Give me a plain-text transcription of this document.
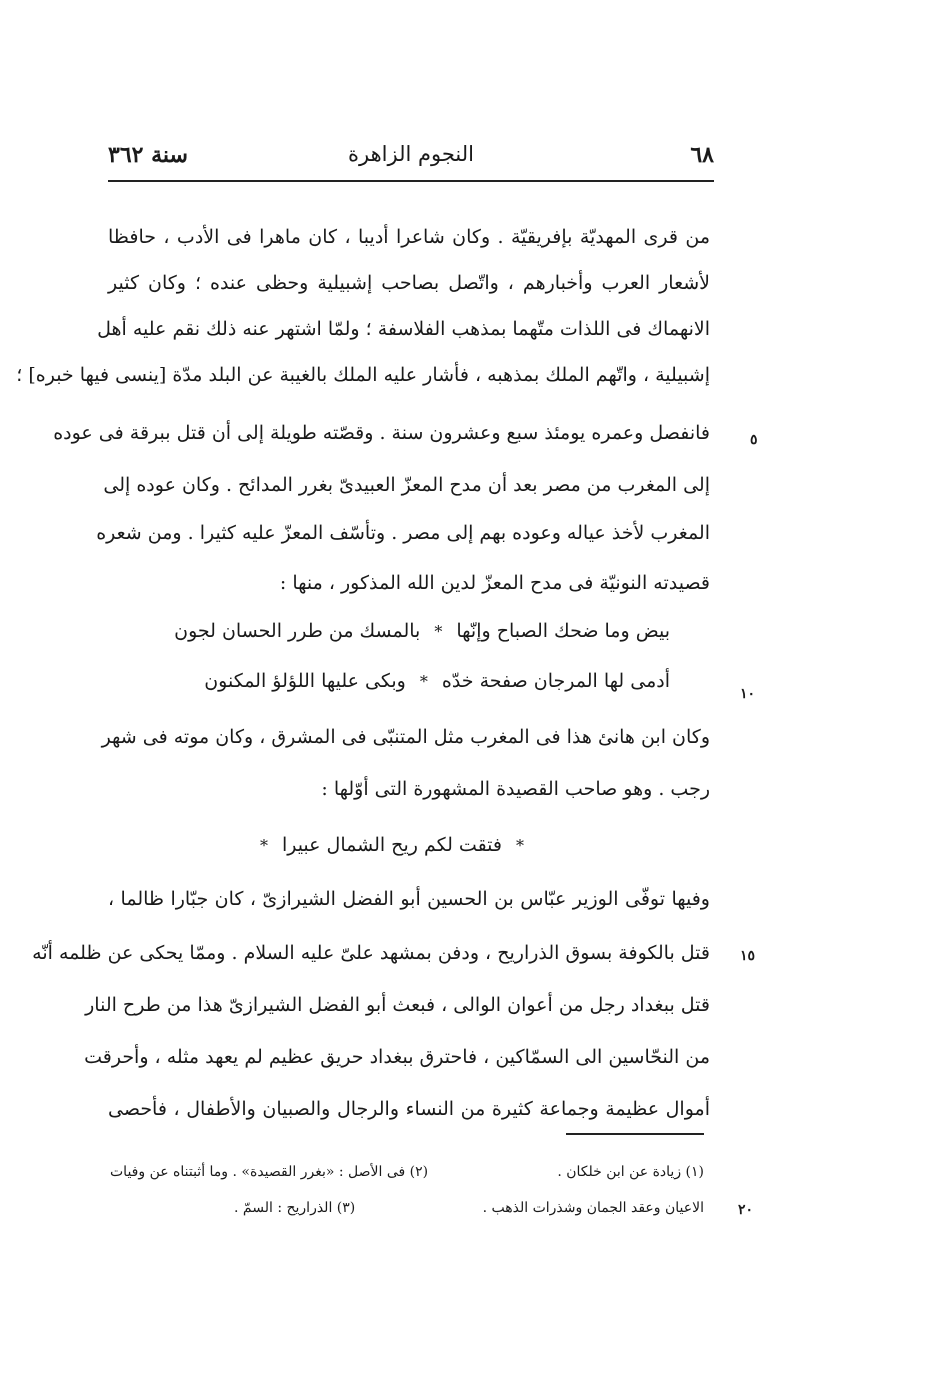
٦٨
النجوم الزاهرة
سنة ٣٦٢
من قرى المهديّة بإفريقيّة . وكان شاعرا أديبا ، كان ماهرا فى الأدب ، حافظا
لأشعار العرب وأخبارهم ، واتّصل بصاحب إشبيلية وحظى عنده ؛ وكان كثير
الانهماك فى اللذات متّهما بمذهب الفلاسفة ؛ ولمّا اشتهر عنه ذلك نقم عليه أهل
إشبيلية ، واتّهم الملك بمذهبه ، فأشار عليه الملك بالغيبة عن البلد مدّة [ينسى فيها خبره] ؛
فانفصل وعمره يومئذ سبع وعشرون سنة . وقصّته طويلة إلى أن قتل ببرقة فى عوده
إلى المغرب من مصر بعد أن مدح المعزّ العبيدىّ بغرر المدائح . وكان عوده إلى
المغرب لأخذ عياله وعوده بهم إلى مصر . وتأسّف المعزّ عليه كثيرا . ومن شعره
قصيدته النونيّة فى مدح المعزّ لدين الله المذكور ، منها :
وكان ابن هانئ هذا فى المغرب مثل المتنبّى فى المشرق ، وكان موته فى شهر
رجب . وهو صاحب القصيدة المشهورة التى أوّلها :
وفيها توفّى الوزير عبّاس بن الحسين أبو الفضل الشيرازىّ ، كان جبّارا ظالما ،
قتل بالكوفة بسوق الذراريح ، ودفن بمشهد علىّ عليه السلام . وممّا يحكى عن ظلمه أنّه
قتل ببغداد رجل من أعوان الوالى ، فبعث أبو الفضل الشيرازىّ هذا من طرح النار
من النحّاسين الى السمّاكين ، فاحترق ببغداد حريق عظيم لم يعهد مثله ، وأحرقت
أموال عظيمة وجماعة كثيرة من النساء والرجال والصبيان والأطفال ، فأحصى
بيض وما ضحك الصباح وإنّها*بالمسك من طرر الحسان لجون
أدمى لها المرجان صفحة خدّه*وبكى عليها اللؤلؤ المكنون
*فتقت لكم ريح الشمال عبيرا*
٥
١٠
١٥
٢٠
(١) زيادة عن ابن خلكان .
(٢) فى الأصل : «بغرر القصيدة» . وما أثبتناه عن وفيات
الاعيان وعقد الجمان وشذرات الذهب .
(٣) الذراريح : السمّ .
